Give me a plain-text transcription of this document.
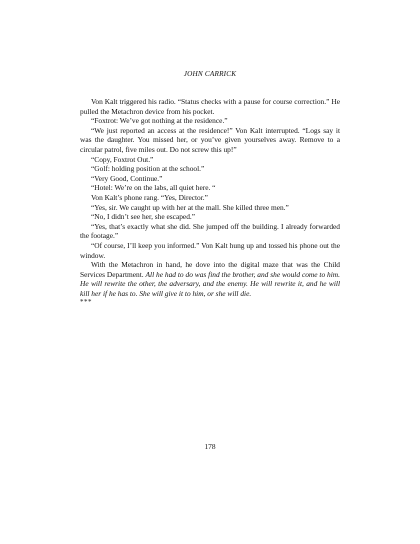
JOHN CARRICK

Von Kalt triggered his radio. “Status checks with a pause for course correction.” He pulled the Metachron device from his pocket.

“Foxtrot: We’ve got nothing at the residence.”

“We just reported an access at the residence!” Von Kalt interrupted. “Logs say it was the daughter. You missed her, or you’ve given yourselves away. Remove to a circular patrol, five miles out. Do not screw this up!”

“Copy, Foxtrot Out.”

“Golf: holding position at the school.”

“Very Good, Continue.”

“Hotel: We’re on the labs, all quiet here. “

Von Kalt’s phone rang. “Yes, Director.”

“Yes, sir. We caught up with her at the mall. She killed three men.”

“No, I didn’t see her, she escaped.”

“Yes, that’s exactly what she did. She jumped off the building. I already forwarded the footage.”

“Of course, I’ll keep you informed.” Von Kalt hung up and tossed his phone out the window.

With the Metachron in hand, he dove into the digital maze that was the Child Services Department. All he had to do was find the brother, and she would come to him. He will rewrite the other, the adversary, and the enemy. He will rewrite it, and he will kill her if he has to. She will give it to him, or she will die.

***

178
